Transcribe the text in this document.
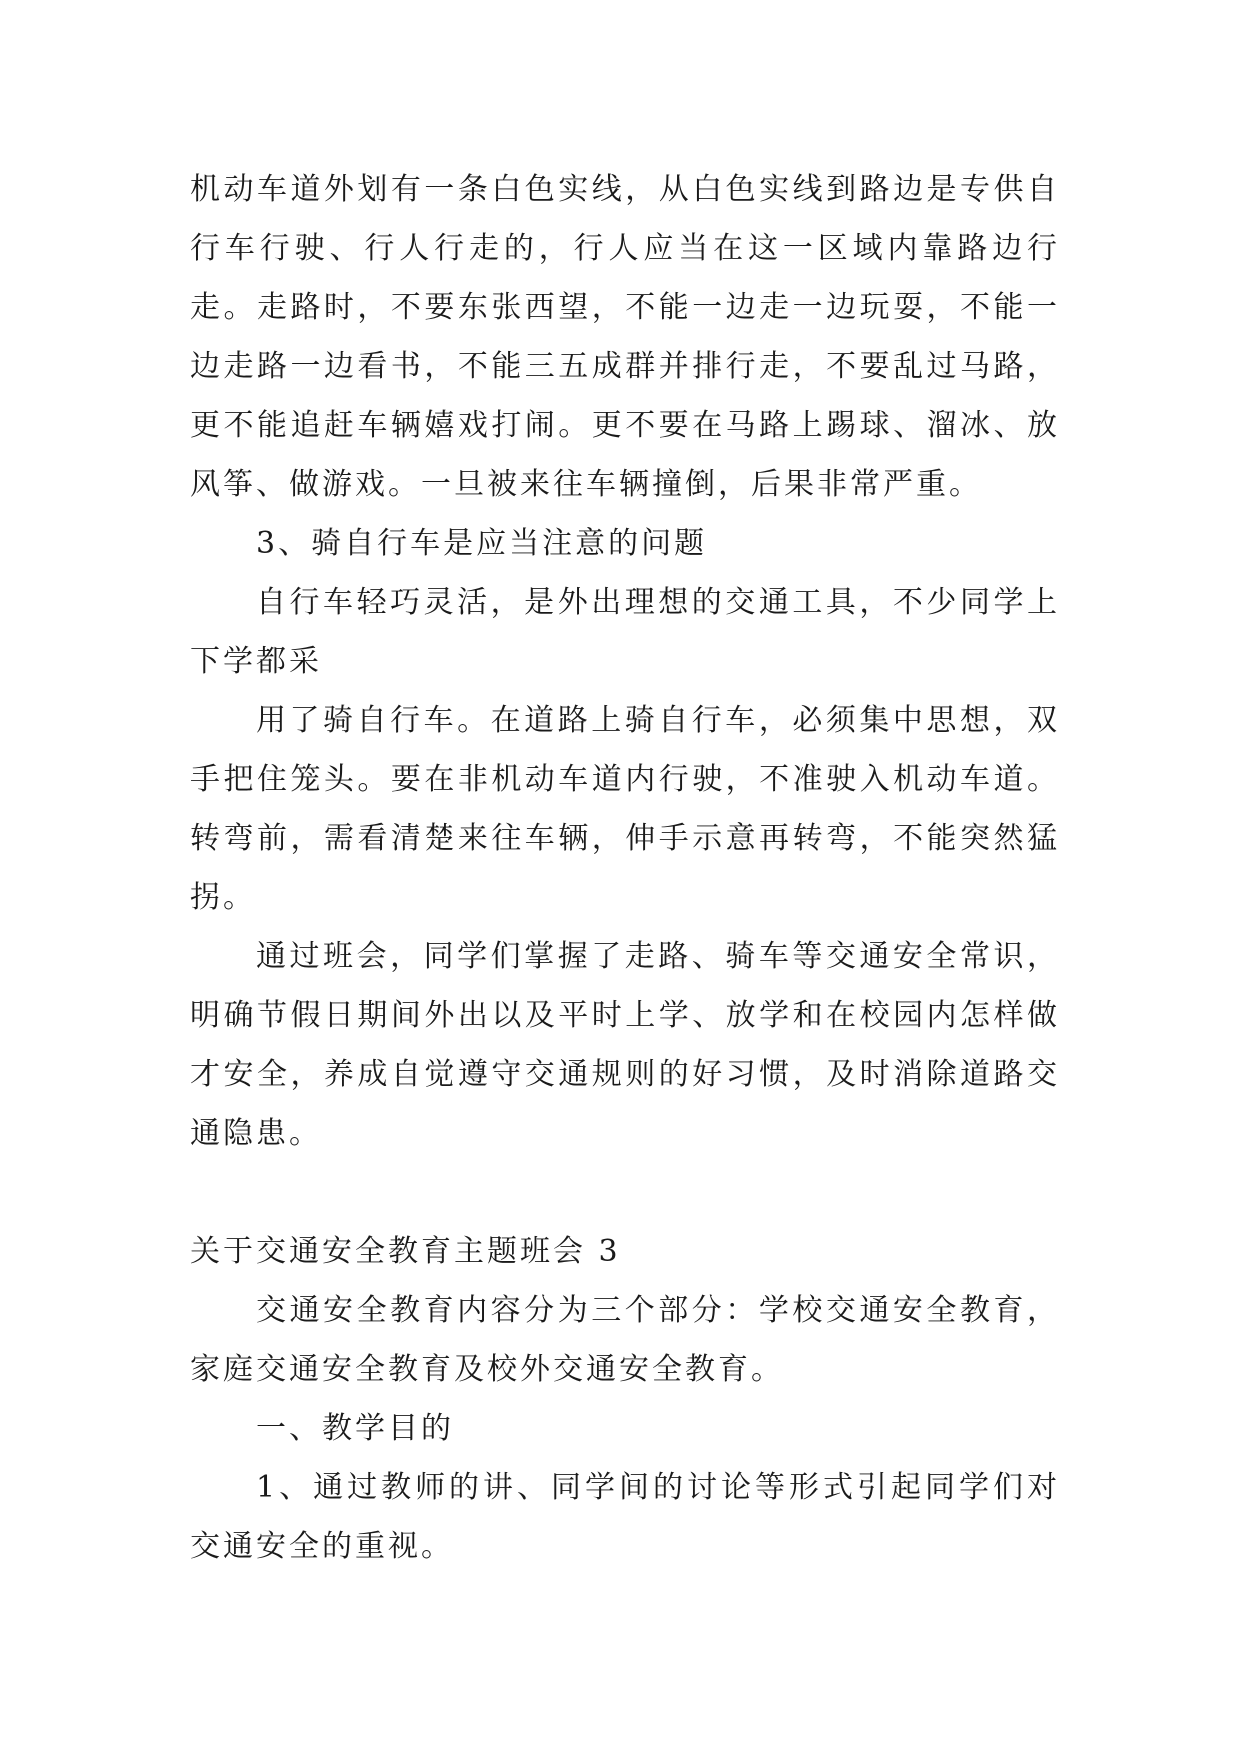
机动车道外划有一条白色实线，从白色实线到路边是专供自行车行驶、行人行走的，行人应当在这一区域内靠路边行走。走路时，不要东张西望，不能一边走一边玩耍，不能一边走路一边看书，不能三五成群并排行走，不要乱过马路，更不能追赶车辆嬉戏打闹。更不要在马路上踢球、溜冰、放风筝、做游戏。一旦被来往车辆撞倒，后果非常严重。

3、骑自行车是应当注意的问题

自行车轻巧灵活，是外出理想的交通工具，不少同学上下学都采

用了骑自行车。在道路上骑自行车，必须集中思想，双手把住笼头。要在非机动车道内行驶，不准驶入机动车道。转弯前，需看清楚来往车辆，伸手示意再转弯，不能突然猛拐。

通过班会，同学们掌握了走路、骑车等交通安全常识，明确节假日期间外出以及平时上学、放学和在校园内怎样做才安全，养成自觉遵守交通规则的好习惯，及时消除道路交通隐患。

关于交通安全教育主题班会 3

交通安全教育内容分为三个部分：学校交通安全教育，家庭交通安全教育及校外交通安全教育。

一、教学目的

1、通过教师的讲、同学间的讨论等形式引起同学们对交通安全的重视。
